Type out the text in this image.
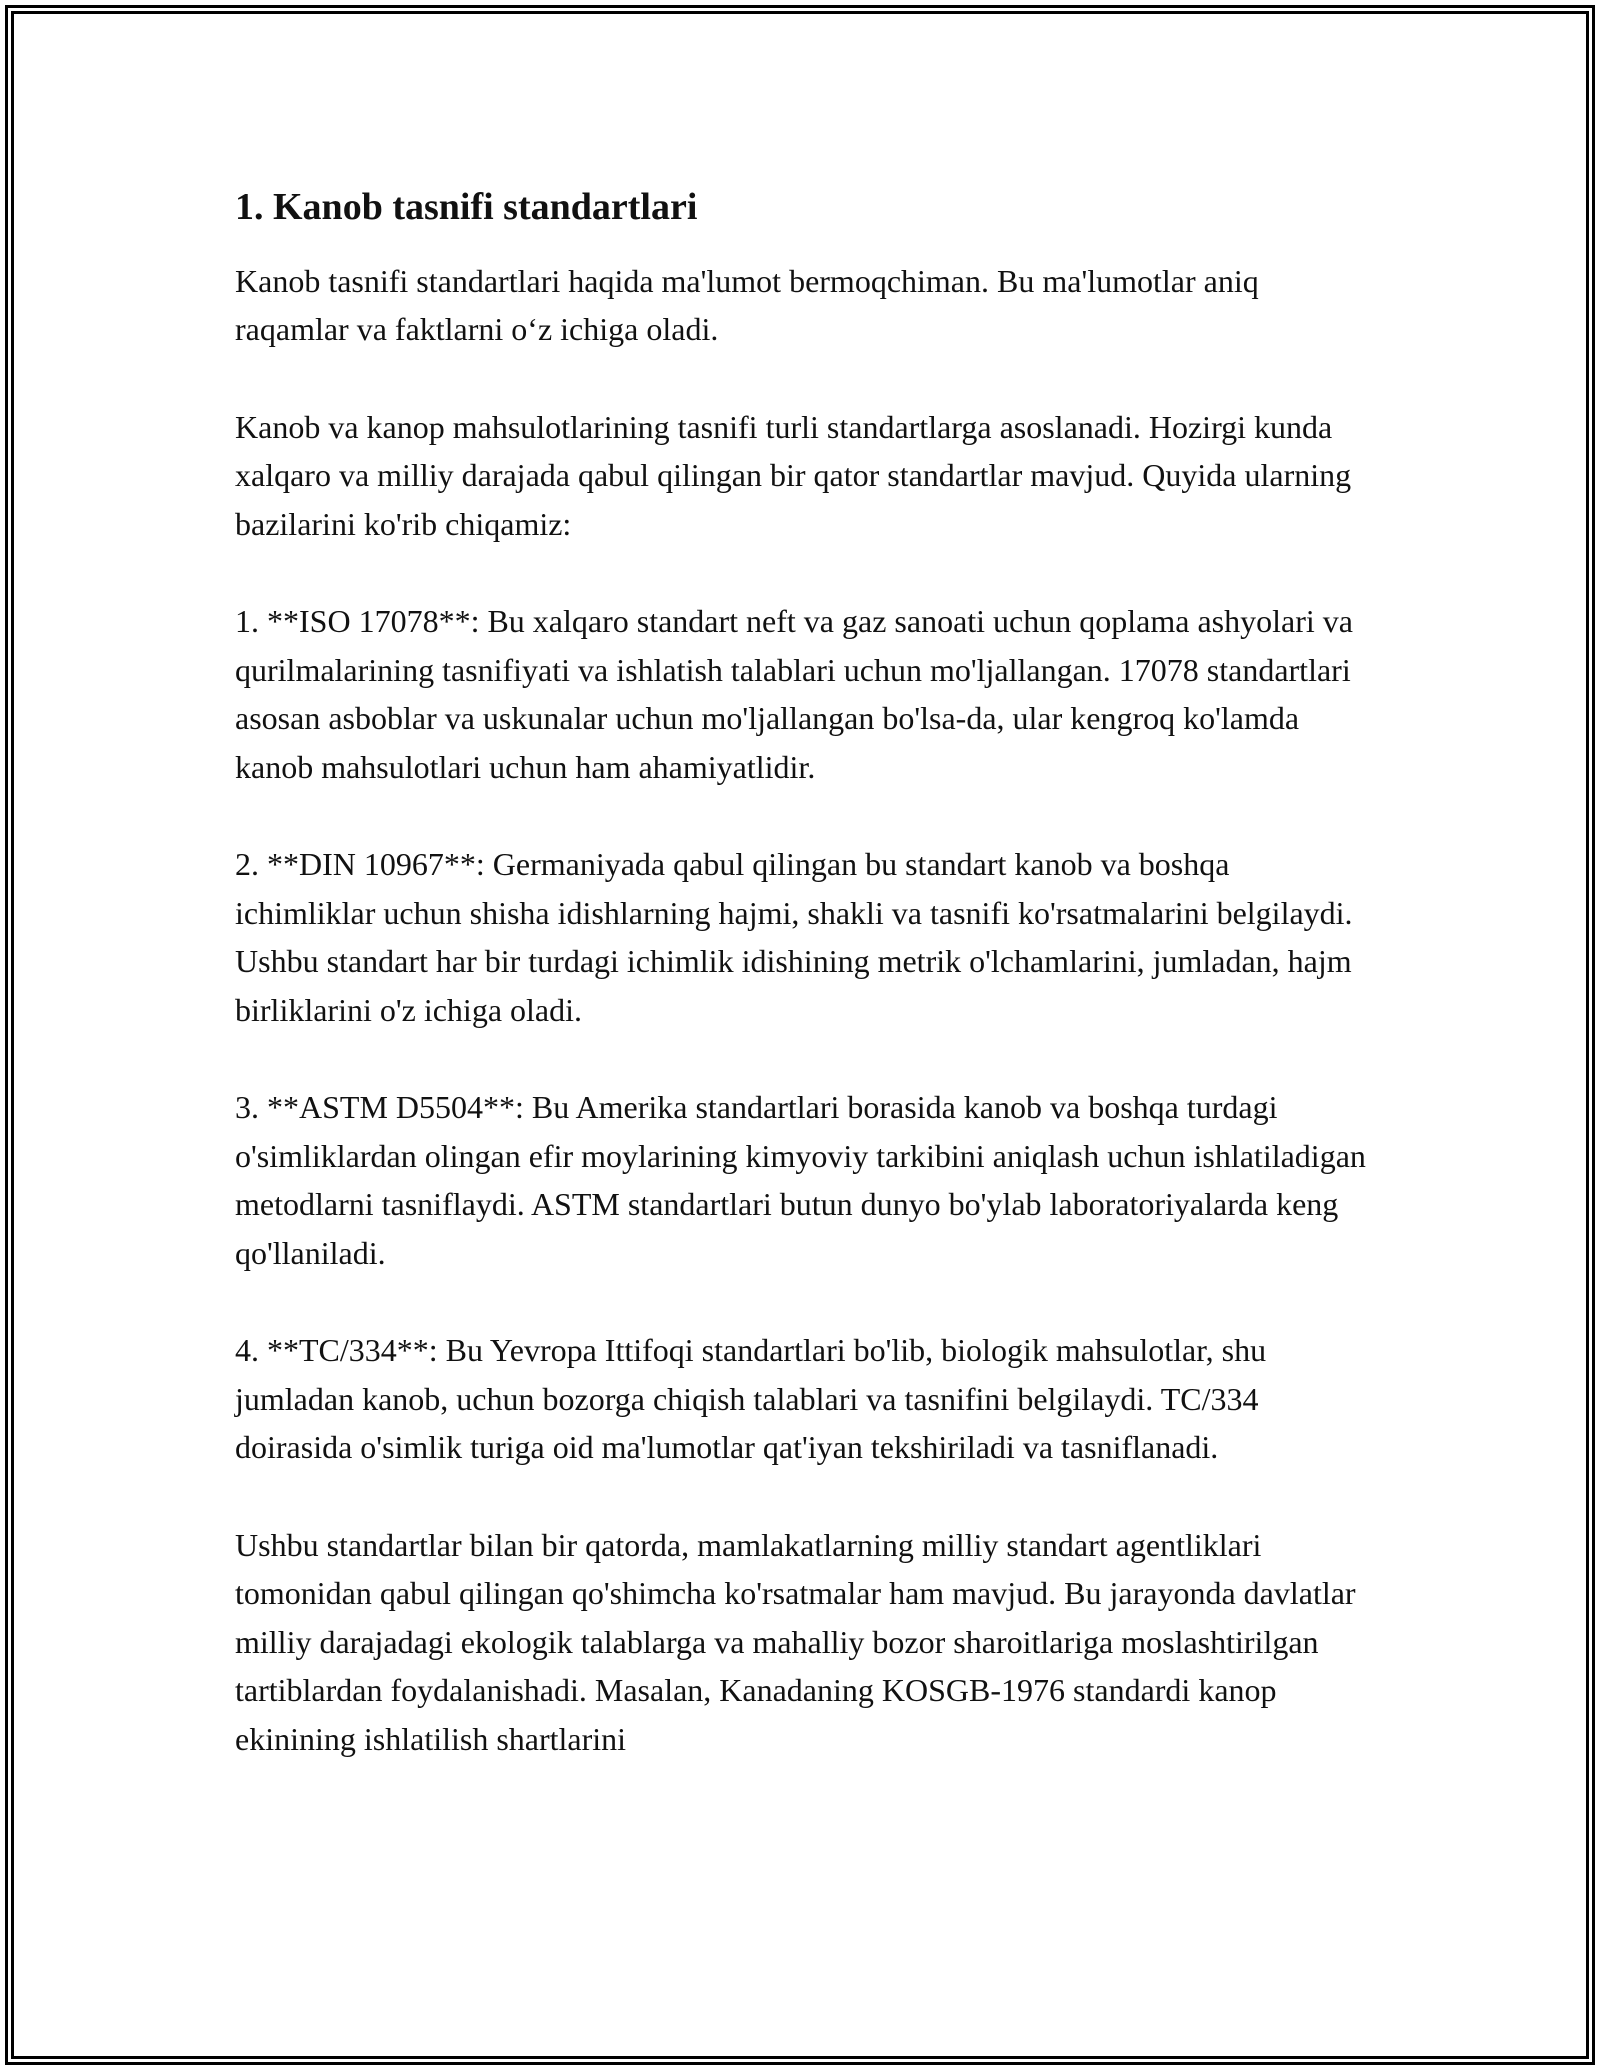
1. Kanob tasnifi standartlari

Kanob tasnifi standartlari haqida ma'lumot bermoqchiman. Bu ma'lumotlar aniq raqamlar va faktlarni o‘z ichiga oladi.

Kanob va kanop mahsulotlarining tasnifi turli standartlarga asoslanadi. Hozirgi kunda xalqaro va milliy darajada qabul qilingan bir qator standartlar mavjud. Quyida ularning bazilarini ko'rib chiqamiz:

1. **ISO 17078**: Bu xalqaro standart neft va gaz sanoati uchun qoplama ashyolari va qurilmalarining tasnifiyati va ishlatish talablari uchun mo'ljallangan. 17078 standartlari asosan asboblar va uskunalar uchun mo'ljallangan bo'lsa-da, ular kengroq ko'lamda kanob mahsulotlari uchun ham ahamiyatlidir.

2. **DIN 10967**: Germaniyada qabul qilingan bu standart kanob va boshqa ichimliklar uchun shisha idishlarning hajmi, shakli va tasnifi ko'rsatmalarini belgilaydi. Ushbu standart har bir turdagi ichimlik idishining metrik o'lchamlarini, jumladan, hajm birliklarini o'z ichiga oladi.

3. **ASTM D5504**: Bu Amerika standartlari borasida kanob va boshqa turdagi o'simliklardan olingan efir moylarining kimyoviy tarkibini aniqlash uchun ishlatiladigan metodlarni tasniflaydi. ASTM standartlari butun dunyo bo'ylab laboratoriyalarda keng qo'llaniladi.

4. **TC/334**: Bu Yevropa Ittifoqi standartlari bo'lib, biologik mahsulotlar, shu jumladan kanob, uchun bozorga chiqish talablari va tasnifini belgilaydi. TC/334 doirasida o'simlik turiga oid ma'lumotlar qat'iyan tekshiriladi va tasniflanadi.

Ushbu standartlar bilan bir qatorda, mamlakatlarning milliy standart agentliklari tomonidan qabul qilingan qo'shimcha ko'rsatmalar ham mavjud. Bu jarayonda davlatlar milliy darajadagi ekologik talablarga va mahalliy bozor sharoitlariga moslashtirilgan tartiblardan foydalanishadi. Masalan, Kanadaning KOSGB-1976 standardi kanop ekinining ishlatilish shartlarini
